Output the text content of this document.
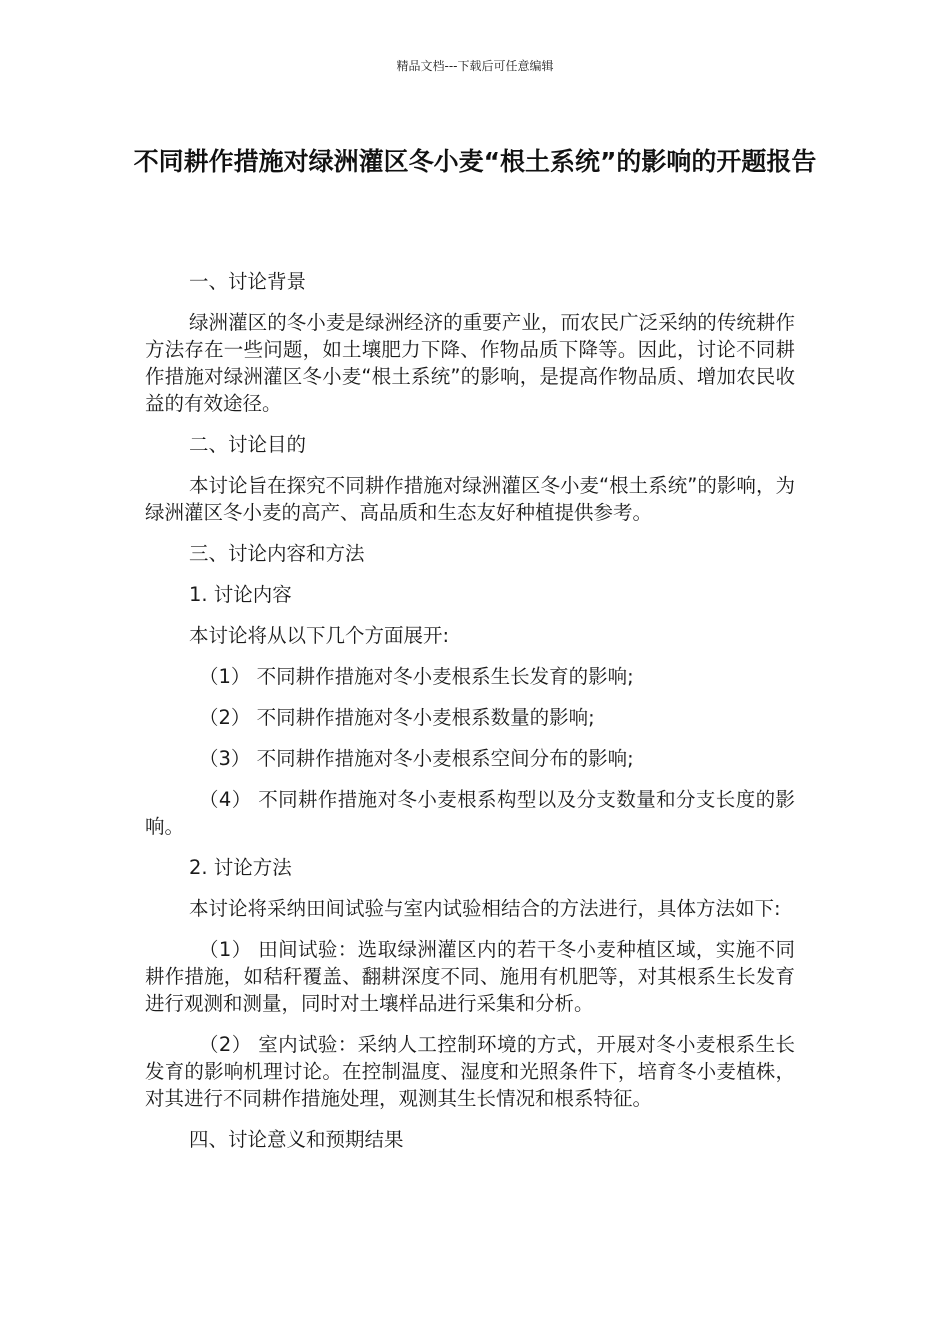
精品文档---下载后可任意编辑
不同耕作措施对绿洲灌区冬小麦“根土系统”的影响的开题报告

一、讨论背景

绿洲灌区的冬小麦是绿洲经济的重要产业，而农民广泛采纳的传统耕作方法存在一些问题，如土壤肥力下降、作物品质下降等。因此，讨论不同耕作措施对绿洲灌区冬小麦“根土系统”的影响，是提高作物品质、增加农民收益的有效途径。

二、讨论目的

本讨论旨在探究不同耕作措施对绿洲灌区冬小麦“根土系统”的影响，为绿洲灌区冬小麦的高产、高品质和生态友好种植提供参考。

三、讨论内容和方法

1. 讨论内容

本讨论将从以下几个方面展开:

（1） 不同耕作措施对冬小麦根系生长发育的影响;

（2） 不同耕作措施对冬小麦根系数量的影响;

（3） 不同耕作措施对冬小麦根系空间分布的影响;

（4） 不同耕作措施对冬小麦根系构型以及分支数量和分支长度的影响。

2. 讨论方法

本讨论将采纳田间试验与室内试验相结合的方法进行，具体方法如下:

（1） 田间试验：选取绿洲灌区内的若干冬小麦种植区域，实施不同耕作措施，如秸秆覆盖、翻耕深度不同、施用有机肥等，对其根系生长发育进行观测和测量，同时对土壤样品进行采集和分析。

（2） 室内试验：采纳人工控制环境的方式，开展对冬小麦根系生长发育的影响机理讨论。在控制温度、湿度和光照条件下，培育冬小麦植株，对其进行不同耕作措施处理，观测其生长情况和根系特征。

四、讨论意义和预期结果
